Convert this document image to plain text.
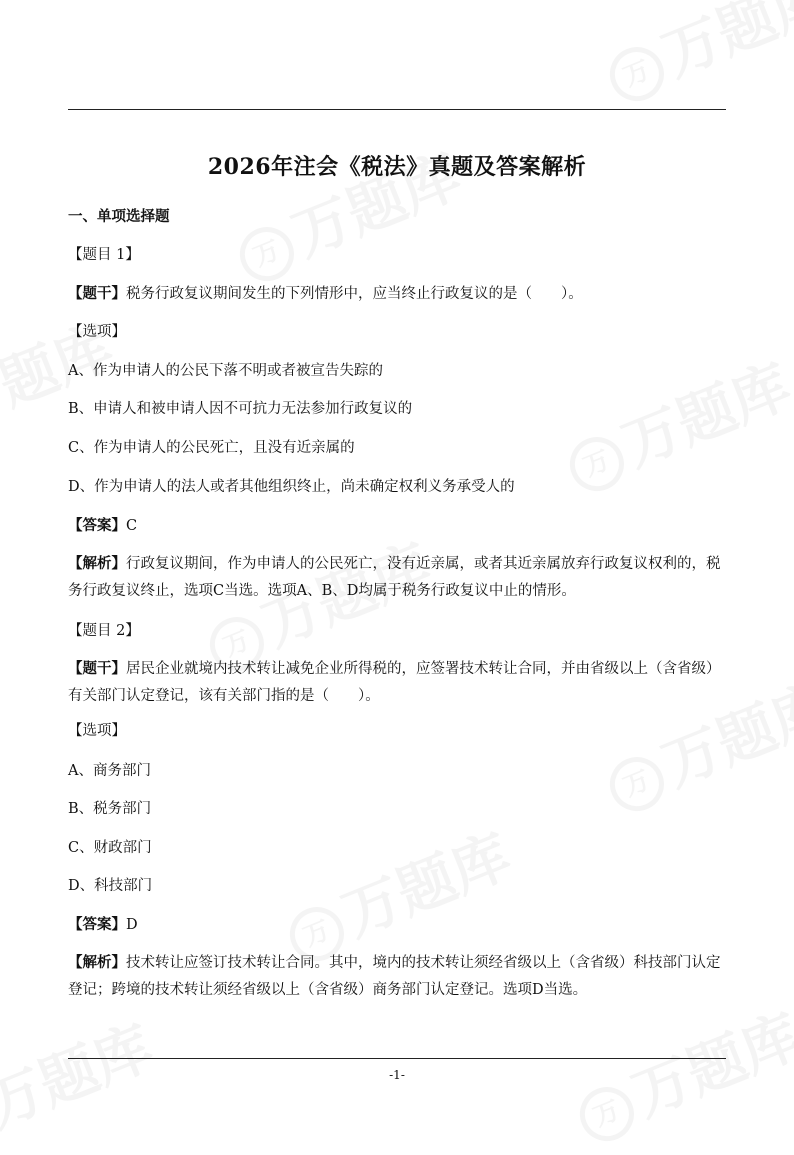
2026年注会《税法》真题及答案解析
一、单项选择题
【题目 1】
【题干】税务行政复议期间发生的下列情形中，应当终止行政复议的是（　　）。
【选项】
A、作为申请人的公民下落不明或者被宣告失踪的
B、申请人和被申请人因不可抗力无法参加行政复议的
C、作为申请人的公民死亡，且没有近亲属的
D、作为申请人的法人或者其他组织终止，尚未确定权利义务承受人的
【答案】C
【解析】行政复议期间，作为申请人的公民死亡，没有近亲属，或者其近亲属放弃行政复议权利的，税务行政复议终止，选项C当选。选项A、B、D均属于税务行政复议中止的情形。
【题目 2】
【题干】居民企业就境内技术转让减免企业所得税的，应签署技术转让合同，并由省级以上（含省级）有关部门认定登记，该有关部门指的是（　　）。
【选项】
A、商务部门
B、税务部门
C、财政部门
D、科技部门
【答案】D
【解析】技术转让应签订技术转让合同。其中，境内的技术转让须经省级以上（含省级）科技部门认定登记；跨境的技术转让须经省级以上（含省级）商务部门认定登记。选项D当选。
-1-
